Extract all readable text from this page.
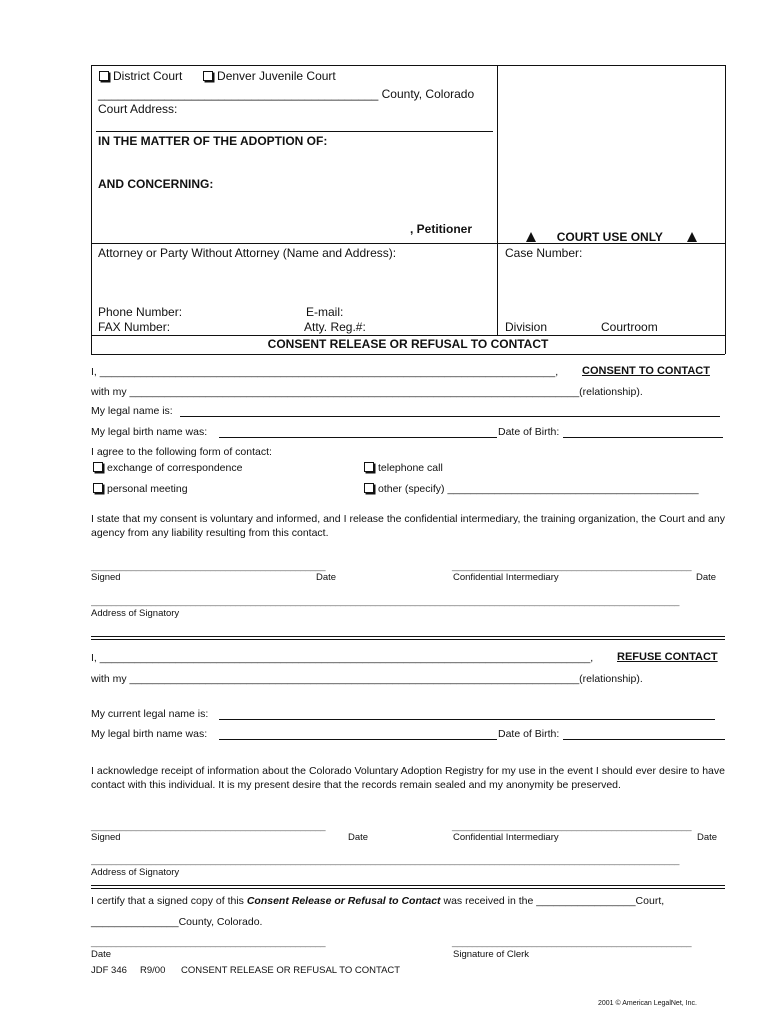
District Court	Denver Juvenile Court
__________________________________________ County, Colorado
Court Address:
IN THE MATTER OF THE ADOPTION OF:
AND CONCERNING:
, Petitioner
COURT USE ONLY
Attorney or Party Without Attorney (Name and Address):	Case Number:
Phone Number:	E-mail:
FAX Number:	Atty. Reg.#:	Division	Courtroom
CONSENT RELEASE OR REFUSAL TO CONTACT
I, ______________________________________________________________________________, CONSENT TO CONTACT
with my _____________________________________________________________________________(relationship).
My legal name is:
My legal birth name was:	Date of Birth:
I agree to the following form of contact:
exchange of correspondence	telephone call
personal meeting	other (specify) ___________________________________________
I state that my consent is voluntary and informed, and I release the confidential intermediary, the training organization, the Court and any agency from any liability resulting from this contact.
_______________________________________________	________________________________________________
Signed	Date	Confidential Intermediary	Date
______________________________________________________________________________________________________________________
Address of Signatory
I, ____________________________________________________________________________________, REFUSE CONTACT
with my _____________________________________________________________________________(relationship).
My current legal name is:
My legal birth name was:	Date of Birth:
I acknowledge receipt of information about the Colorado Voluntary Adoption Registry for my use in the event I should ever desire to have contact with this individual. It is my present desire that the records remain sealed and my anonymity be preserved.
_______________________________________________	________________________________________________
Signed	Date	Confidential Intermediary	Date
______________________________________________________________________________________________________________________
Address of Signatory
I certify that a signed copy of this Consent Release or Refusal to Contact was received in the _________________Court,
_______________County, Colorado.
_______________________________________________	________________________________________________
Date	Signature of Clerk
JDF 346 R9/00 CONSENT RELEASE OR REFUSAL TO CONTACT
2001 © American LegalNet, Inc.
